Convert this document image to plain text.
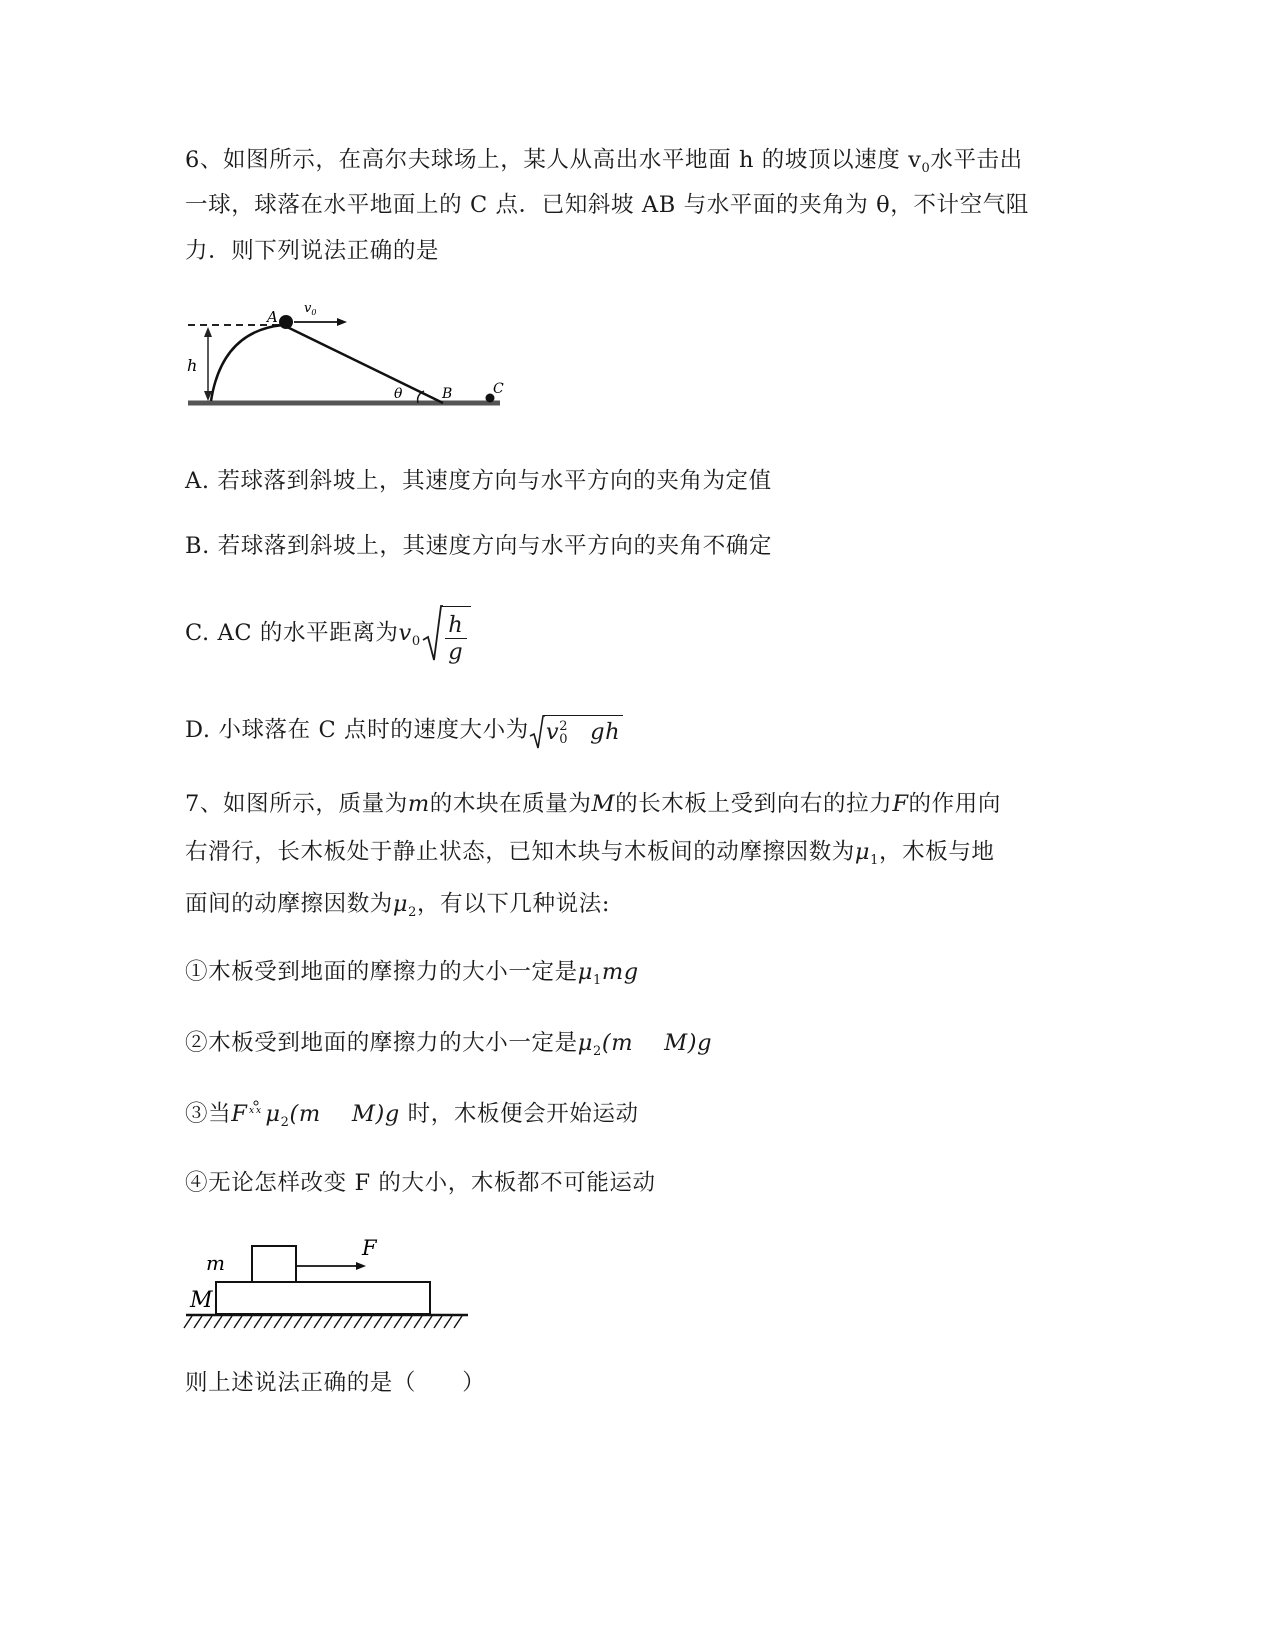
6、如图所示，在高尔夫球场上，某人从高出水平地面 h 的坡顶以速度 $v_0$水平击出
一球，球落在水平地面上的 C 点．已知斜坡 AB 与水平面的夹角为 θ，不计空气阻
力．则下列说法正确的是
A $v_0$
h
θ	B	C
A. 若球落到斜坡上，其速度方向与水平方向的夹角为定值
B. 若球落到斜坡上，其速度方向与水平方向的夹角不确定
C. AC 的水平距离为$v_0 \frac{h}{g}$
D. 小球落在 C 点时的速度大小为 v 2
0 gh
7、如图所示，质量为m的木块在质量为M的长木板上受到向右的拉力F的作用向
右滑行，长木板处于静止状态，已知木块与木板间的动摩擦因数为$\mu_1$，木板与地
面间的动摩擦因数为$\mu_2$，有以下几种说法:
①木板受到地面的摩擦力的大小一定是$\mu_1mg$
②木板受到地面的摩擦力的大小一定是$\mu_2(m$    M)g
③当F x x $\mu_2(m$    M)g 时，木板便会开始运动
④无论怎样改变 F 的大小，木板都不可能运动
m
M
F
则上述说法正确的是（　　）
